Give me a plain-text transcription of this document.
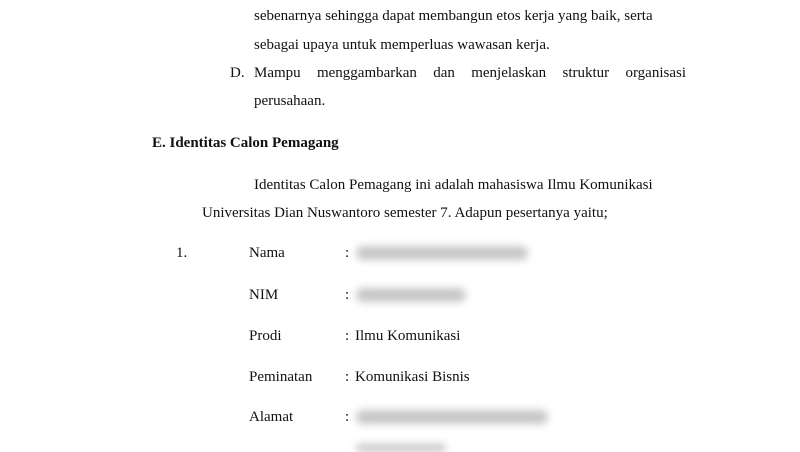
sebenarnya sehingga dapat membangun etos kerja yang baik, serta
sebagai upaya untuk memperluas wawasan kerja.
D. Mampu menggambarkan dan menjelaskan struktur organisasi
perusahaan.
E. Identitas Calon Pemagang
Identitas Calon Pemagang ini adalah mahasiswa Ilmu Komunikasi
Universitas Dian Nuswantoro semester 7. Adapun pesertanya yaitu;
1.	Nama	:
NIM	:
Prodi	: Ilmu Komunikasi
Peminatan : Komunikasi Bisnis
Alamat	:
